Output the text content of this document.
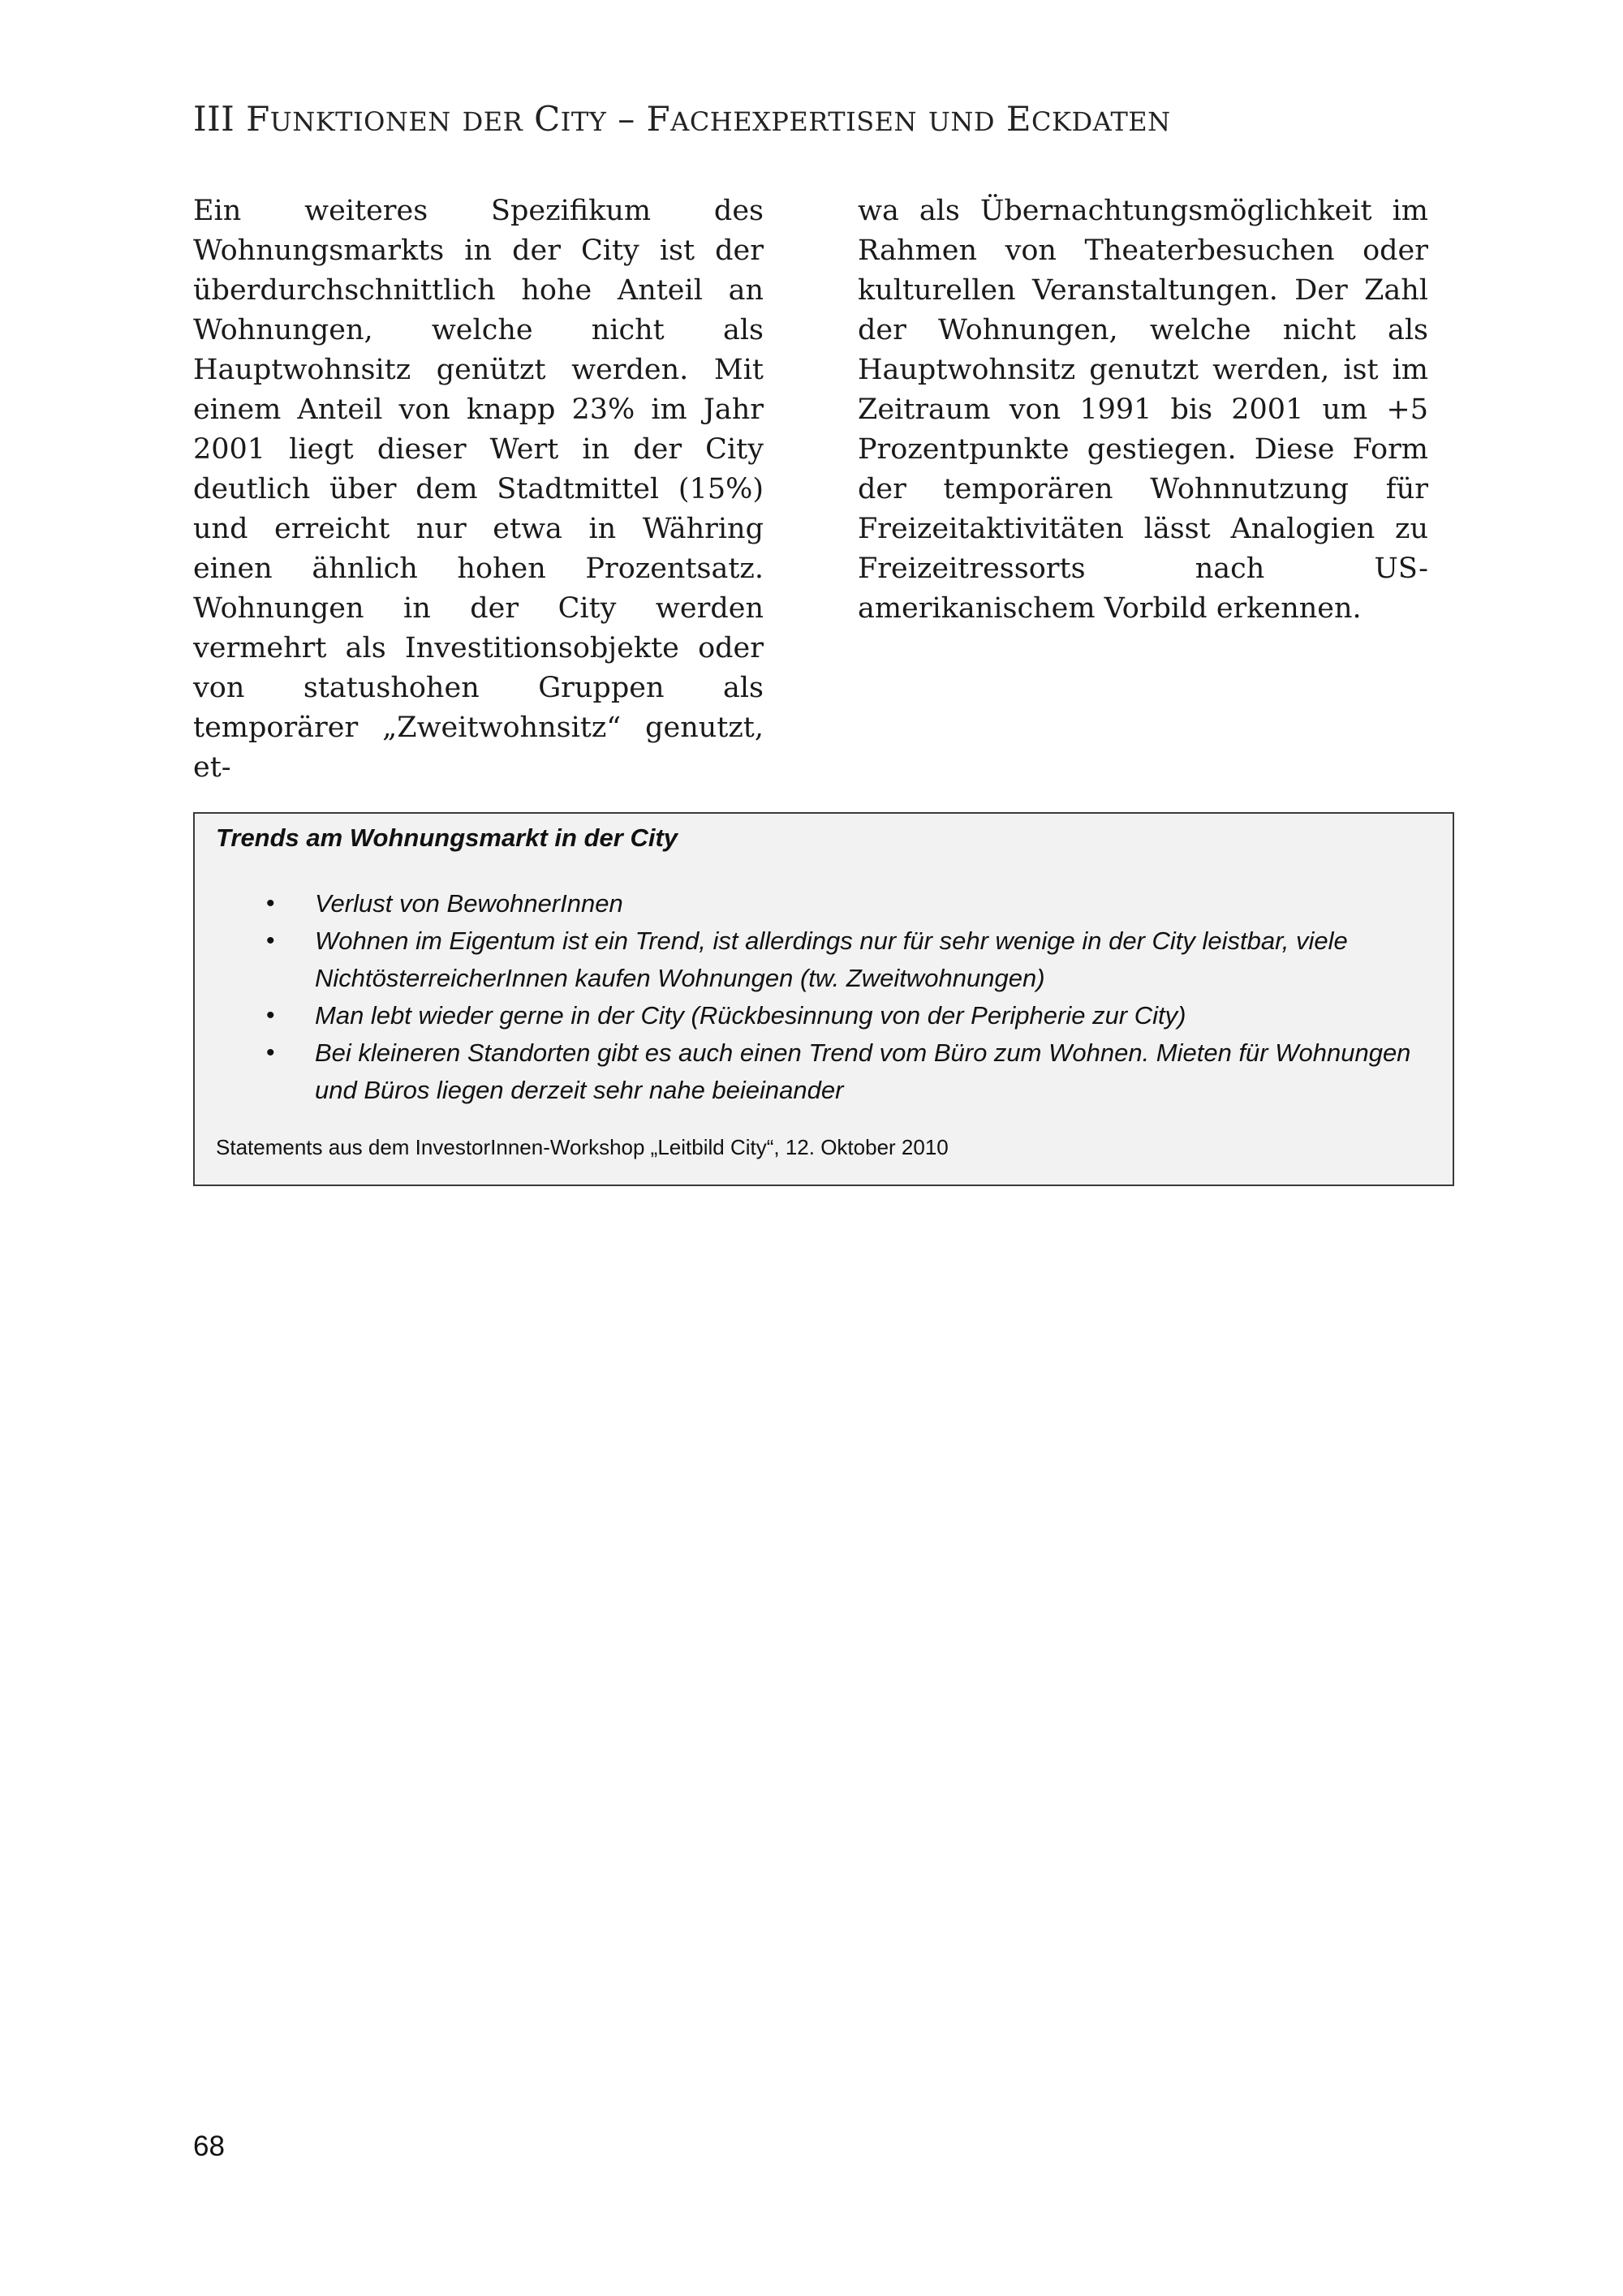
III FUNKTIONEN DER CITY – FACHEXPERTISEN UND ECKDATEN

Ein weiteres Spezifikum des Wohnungsmarkts in der City ist der überdurchschnittlich hohe Anteil an Wohnungen, welche nicht als Hauptwohnsitz genützt werden. Mit einem Anteil von knapp 23% im Jahr 2001 liegt dieser Wert in der City deutlich über dem Stadtmittel (15%) und erreicht nur etwa in Währing einen ähnlich hohen Prozentsatz. Wohnungen in der City werden vermehrt als Investitionsobjekte oder von statushohen Gruppen als temporärer „Zweitwohnsitz“ genutzt, et-

wa als Übernachtungsmöglichkeit im Rahmen von Theaterbesuchen oder kulturellen Veranstaltungen. Der Zahl der Wohnungen, welche nicht als Hauptwohnsitz genutzt werden, ist im Zeitraum von 1991 bis 2001 um +5 Prozentpunkte gestiegen. Diese Form der temporären Wohnnutzung für Freizeitaktivitäten lässt Analogien zu Freizeitressorts nach US-amerikanischem Vorbild erkennen.

Trends am Wohnungsmarkt in der City
• Verlust von BewohnerInnen
• Wohnen im Eigentum ist ein Trend, ist allerdings nur für sehr wenige in der City leistbar, viele NichtösterreicherInnen kaufen Wohnungen (tw. Zweitwohnungen)
• Man lebt wieder gerne in der City (Rückbesinnung von der Peripherie zur City)
• Bei kleineren Standorten gibt es auch einen Trend vom Büro zum Wohnen. Mieten für Wohnungen und Büros liegen derzeit sehr nahe beieinander

Statements aus dem InvestorInnen-Workshop „Leitbild City“, 12. Oktober 2010

68
